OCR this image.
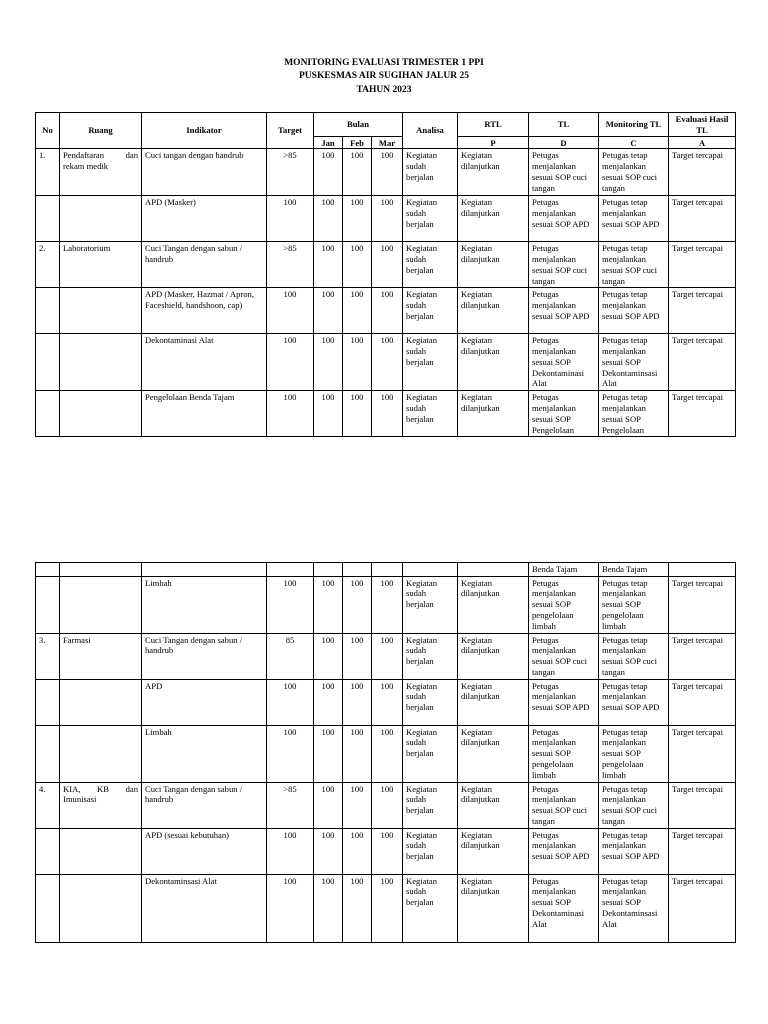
MONITORING EVALUASI TRIMESTER 1 PPI
PUSKESMAS AIR SUGIHAN JALUR 25
TAHUN 2023
No	Ruang	Indikator	Target	Bulan			Analisa	RTL	TL	Monitoring TL	Evaluasi Hasil TL
				Jan	Feb	Mar		P	D	C	A
1.	Pendaftaran dan rekam medik	Cuci tangan dengan handrub	>85	100	100	100	Kegiatan sudah berjalan	Kegiatan dilanjutkan	Petugas menjalankan sesuai SOP cuci tangan	Petugas tetap menjalankan sesuai SOP cuci tangan	Target tercapai
		APD (Masker)	100	100	100	100	Kegiatan sudah berjalan	Kegiatan dilanjutkan	Petugas menjalankan sesuai SOP APD	Petugas tetap menjalankan sesuai SOP APD	Target tercapai
2.	Laboratorium	Cuci Tangan dengan sabun / handrub	>85	100	100	100	Kegiatan sudah berjalan	Kegiatan dilanjutkan	Petugas menjalankan sesuai SOP cuci tangan	Petugas tetap menjalankan sesuai SOP cuci tangan	Target tercapai
		APD (Masker, Hazmat / Apron, Faceshield, handshoon, cap)	100	100	100	100	Kegiatan sudah berjalan	Kegiatan dilanjutkan	Petugas menjalankan sesuai SOP APD	Petugas tetap menjalankan sesuai SOP APD	Target tercapai
		Dekontaminasi Alat	100	100	100	100	Kegiatan sudah berjalan	Kegiatan dilanjutkan	Petugas menjalankan sesuai SOP Dekontaminasi Alat	Petugas tetap menjalankan sesuai SOP Dekontaminsasi Alat	Target tercapai
		Pengelolaan Benda Tajam	100	100	100	100	Kegiatan sudah berjalan	Kegiatan dilanjutkan	Petugas menjalankan sesuai SOP Pengelolaan	Petugas tetap menjalankan sesuai SOP Pengelolaan	Target tercapai
									Benda Tajam	Benda Tajam	
		Limbah	100	100	100	100	Kegiatan sudah berjalan	Kegiatan dilanjutkan	Petugas menjalankan sesuai SOP pengelolaan limbah	Petugas tetap menjalankan sesuai SOP pengelolaan limbah	Target tercapai
3.	Farmasi	Cuci Tangan dengan sabun / handrub	85	100	100	100	Kegiatan sudah berjalan	Kegiatan dilanjutkan	Petugas menjalankan sesuai SOP cuci tangan	Petugas tetap menjalankan sesuai SOP cuci tangan	Target tercapai
		APD	100	100	100	100	Kegiatan sudah berjalan	Kegiatan dilanjutkan	Petugas menjalankan sesuai SOP APD	Petugas tetap menjalankan sesuai SOP APD	Target tercapai
		Limbah	100	100	100	100	Kegiatan sudah berjalan	Kegiatan dilanjutkan	Petugas menjalankan sesuai SOP pengelolaan limbah	Petugas tetap menjalankan sesuai SOP pengelolaan limbah	Target tercapai
4.	KIA, KB dan Imunisasi	Cuci Tangan dengan sabun / handrub	>85	100	100	100	Kegiatan sudah berjalan	Kegiatan dilanjutkan	Petugas menjalankan sesuai SOP cuci tangan	Petugas tetap menjalankan sesuai SOP cuci tangan	Target tercapai
		APD (sesuai kebutuhan)	100	100	100	100	Kegiatan sudah berjalan	Kegiatan dilanjutkan	Petugas menjalankan sesuai SOP APD	Petugas tetap menjalankan sesuai SOP APD	Target tercapai
		Dekontaminsasi Alat	100	100	100	100	Kegiatan sudah berjalan	Kegiatan dilanjutkan	Petugas menjalankan sesuai SOP Dekontaminasi Alat	Petugas tetap menjalankan sesuai SOP Dekontaminsasi Alat	Target tercapai
